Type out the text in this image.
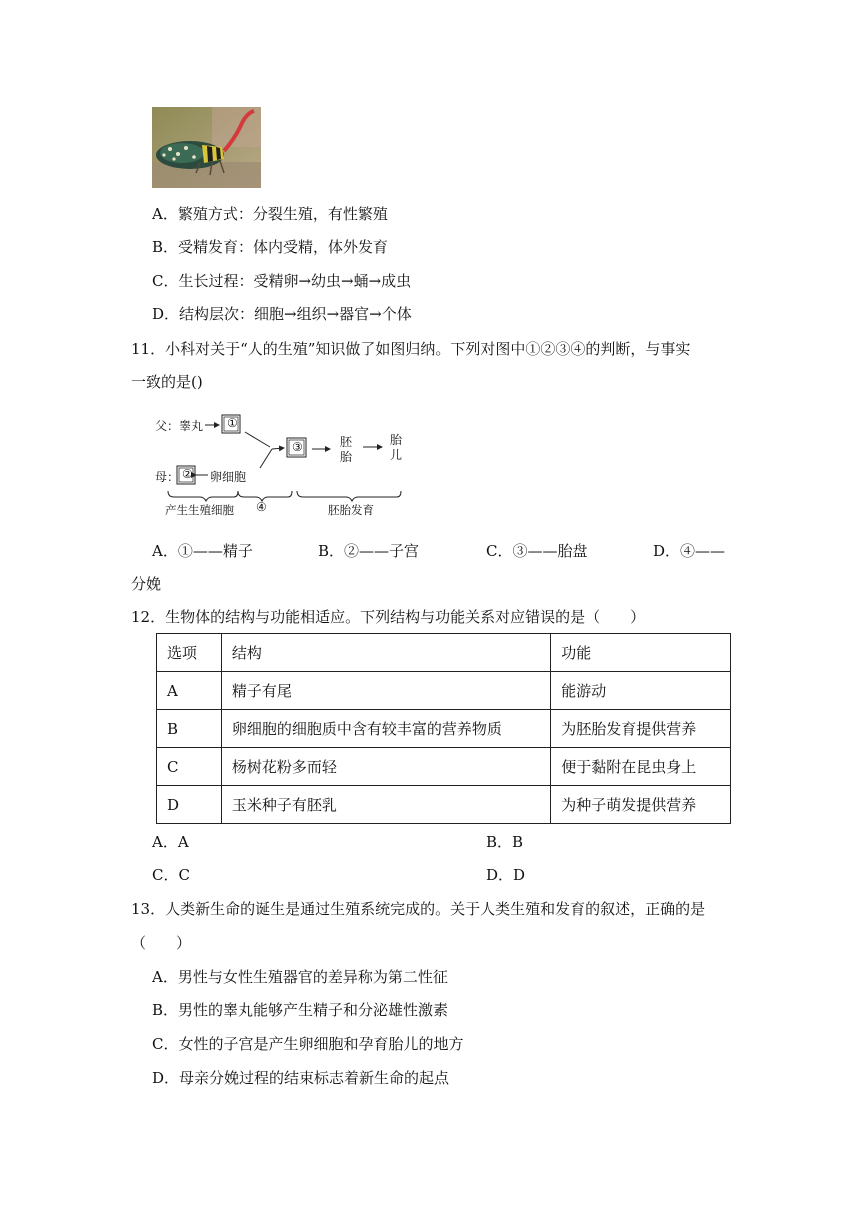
A．繁殖方式：分裂生殖，有性繁殖
B．受精发育：体内受精，体外发育
C．生长过程：受精卵→幼虫→蛹→成虫
D．结构层次：细胞→组织→器官→个体
11．小科对关于“人的生殖”知识做了如图归纳。下列对图中①②③④的判断，与事实
一致的是()
父：睾丸 ①
母： ② 卵细胞
③	胚
胎
胎
儿
产生生殖细胞 ④	胚胎发育
A．①——精子	B．②——子宫	C．③——胎盘	D．④——
分娩
12．生物体的结构与功能相适应。下列结构与功能关系对应错误的是（　　）
选项	结构	功能
A	精子有尾	能游动
B	卵细胞的细胞质中含有较丰富的营养物质	为胚胎发育提供营养
C	杨树花粉多而轻	便于黏附在昆虫身上
D	玉米种子有胚乳	为种子萌发提供营养
A．A	B．B
C．C	D．D
13．人类新生命的诞生是通过生殖系统完成的。关于人类生殖和发育的叙述，正确的是
（　　）
A．男性与女性生殖器官的差异称为第二性征
B．男性的睾丸能够产生精子和分泌雄性激素
C．女性的子宫是产生卵细胞和孕育胎儿的地方
D．母亲分娩过程的结束标志着新生命的起点
